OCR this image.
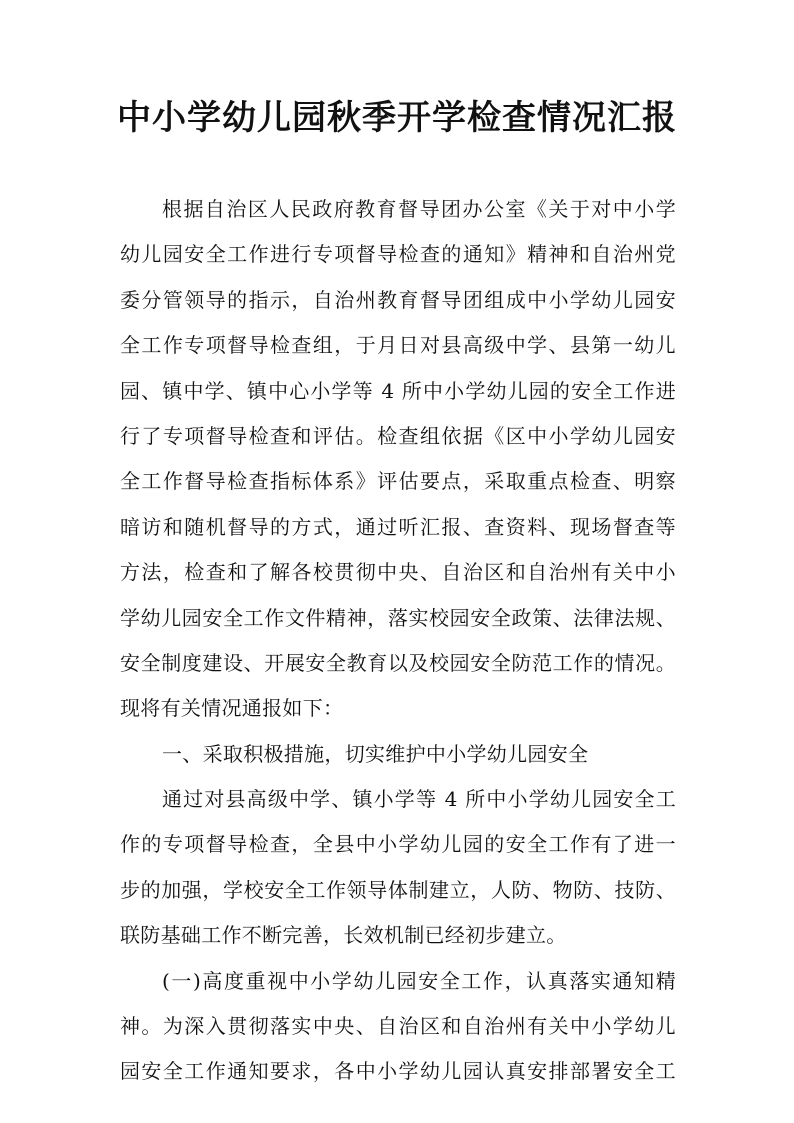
中小学幼儿园秋季开学检查情况汇报
根据自治区人民政府教育督导团办公室《关于对中小学
幼儿园安全工作进行专项督导检查的通知》精神和自治州党
委分管领导的指示，自治州教育督导团组成中小学幼儿园安
全工作专项督导检查组，于月日对县高级中学、县第一幼儿
园、镇中学、镇中心小学等 4 所中小学幼儿园的安全工作进
行了专项督导检查和评估。检查组依据《区中小学幼儿园安
全工作督导检查指标体系》评估要点，采取重点检查、明察
暗访和随机督导的方式，通过听汇报、查资料、现场督查等
方法，检查和了解各校贯彻中央、自治区和自治州有关中小
学幼儿园安全工作文件精神，落实校园安全政策、法律法规、
安全制度建设、开展安全教育以及校园安全防范工作的情况。
现将有关情况通报如下：
一、采取积极措施，切实维护中小学幼儿园安全
通过对县高级中学、镇小学等 4 所中小学幼儿园安全工
作的专项督导检查，全县中小学幼儿园的安全工作有了进一
步的加强，学校安全工作领导体制建立，人防、物防、技防、
联防基础工作不断完善，长效机制已经初步建立。
(一)高度重视中小学幼儿园安全工作，认真落实通知精
神。为深入贯彻落实中央、自治区和自治州有关中小学幼儿
园安全工作通知要求，各中小学幼儿园认真安排部署安全工
